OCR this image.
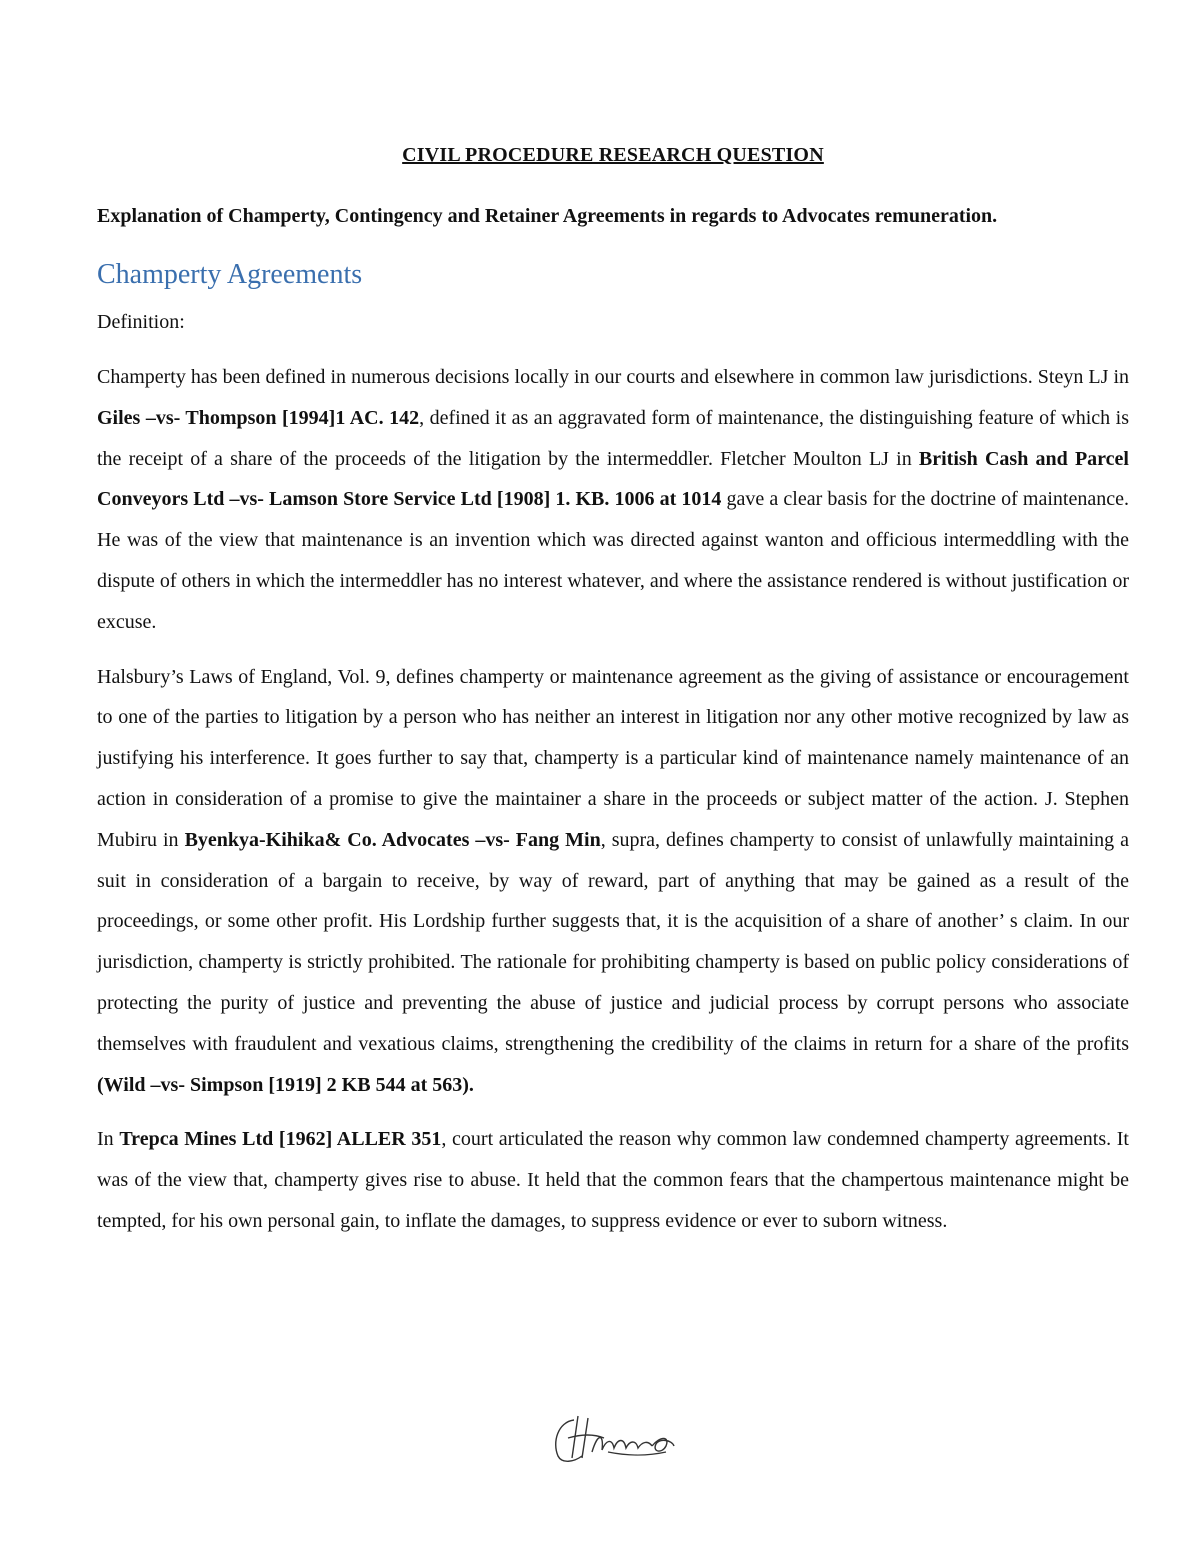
CIVIL PROCEDURE RESEARCH QUESTION
Explanation of Champerty, Contingency and Retainer Agreements in regards to Advocates remuneration.
Champerty Agreements
Definition:

Champerty has been defined in numerous decisions locally in our courts and elsewhere in common law jurisdictions. Steyn LJ in Giles –vs- Thompson [1994]1 AC. 142, defined it as an aggravated form of maintenance, the distinguishing feature of which is the receipt of a share of the proceeds of the litigation by the intermeddler. Fletcher Moulton LJ in British Cash and Parcel Conveyors Ltd –vs- Lamson Store Service Ltd [1908] 1. KB. 1006 at 1014 gave a clear basis for the doctrine of maintenance. He was of the view that maintenance is an invention which was directed against wanton and officious intermeddling with the dispute of others in which the intermeddler has no interest whatever, and where the assistance rendered is without justification or excuse.

Halsbury’s Laws of England, Vol. 9, defines champerty or maintenance agreement as the giving of assistance or encouragement to one of the parties to litigation by a person who has neither an interest in litigation nor any other motive recognized by law as justifying his interference. It goes further to say that, champerty is a particular kind of maintenance namely maintenance of an action in consideration of a promise to give the maintainer a share in the proceeds or subject matter of the action. J. Stephen Mubiru in Byenkya-Kihika& Co. Advocates –vs- Fang Min, supra, defines champerty to consist of unlawfully maintaining a suit in consideration of a bargain to receive, by way of reward, part of anything that may be gained as a result of the proceedings, or some other profit. His Lordship further suggests that, it is the acquisition of a share of another’ s claim. In our jurisdiction, champerty is strictly prohibited. The rationale for prohibiting champerty is based on public policy considerations of protecting the purity of justice and preventing the abuse of justice and judicial process by corrupt persons who associate themselves with fraudulent and vexatious claims, strengthening the credibility of the claims in return for a share of the profits (Wild –vs- Simpson [1919] 2 KB 544 at 563).

In Trepca Mines Ltd [1962] ALLER 351, court articulated the reason why common law condemned champerty agreements. It was of the view that, champerty gives rise to abuse. It held that the common fears that the champertous maintenance might be tempted, for his own personal gain, to inflate the damages, to suppress evidence or ever to suborn witness.
